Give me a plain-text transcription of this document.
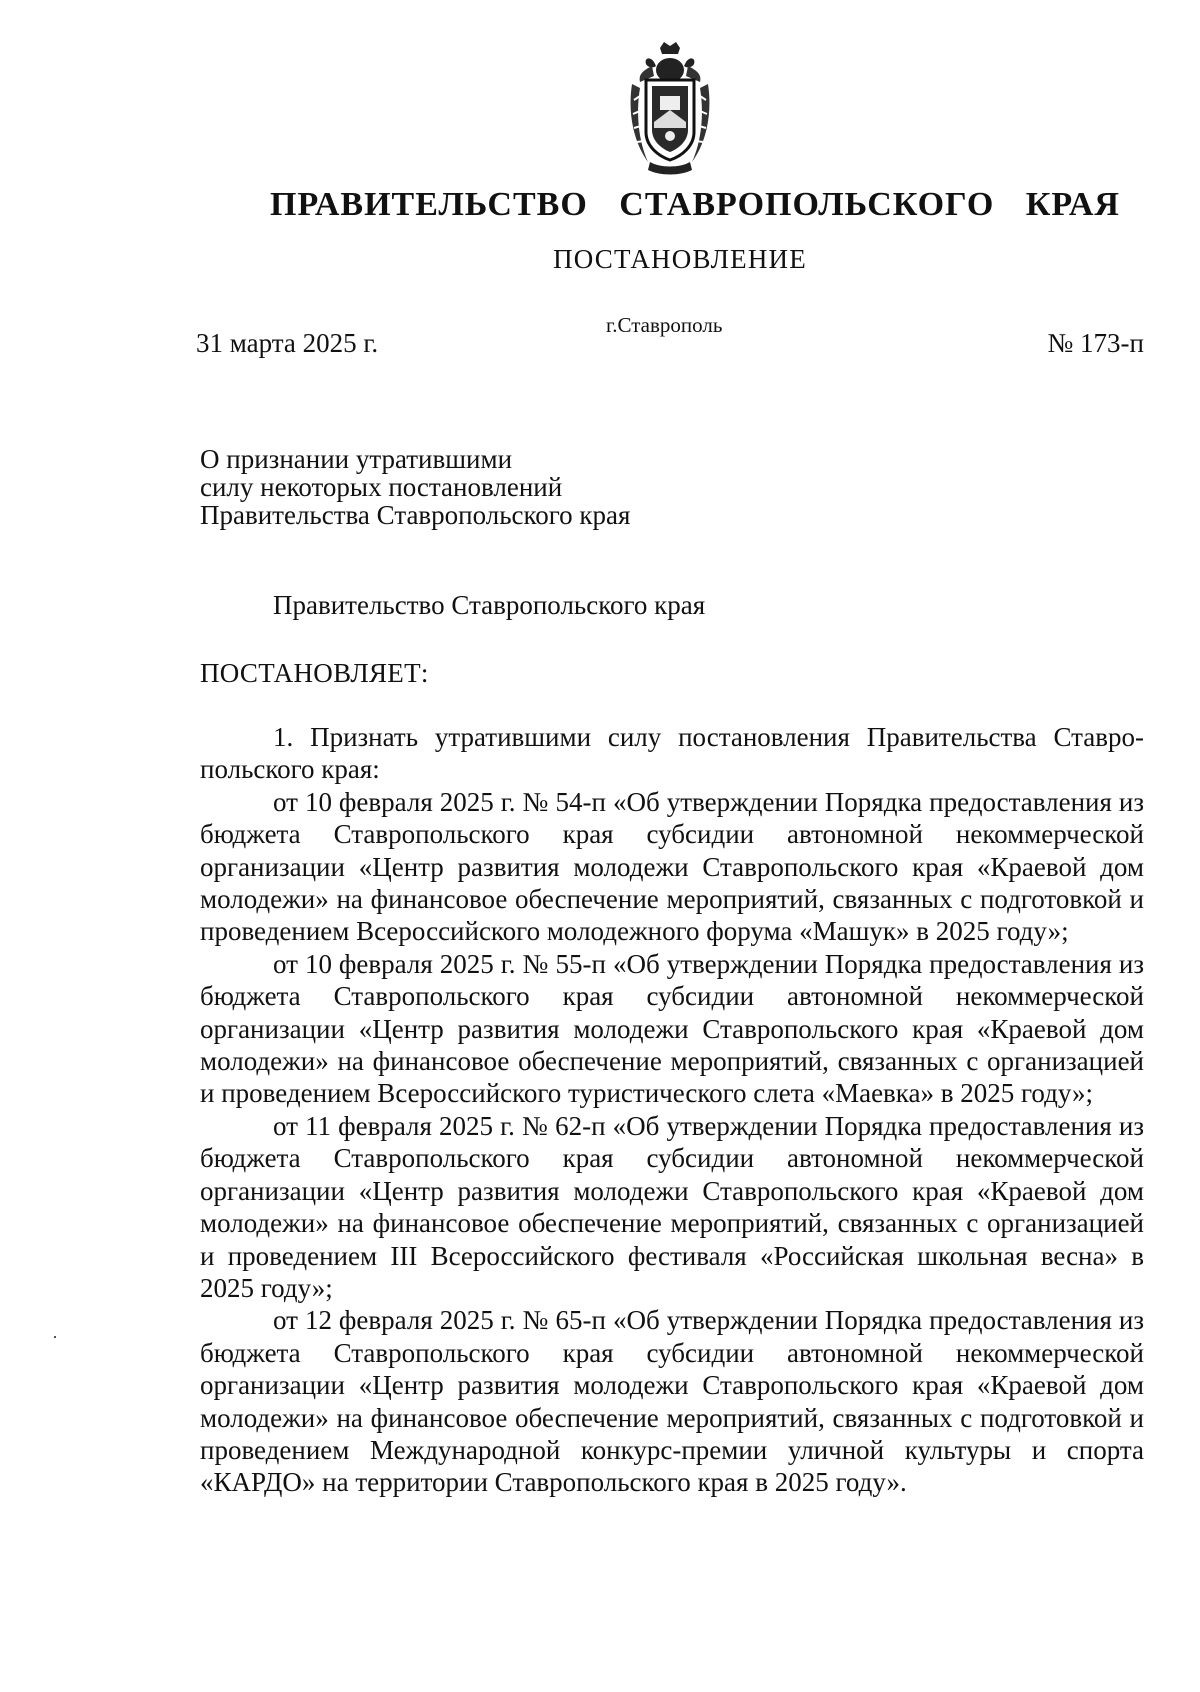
ПРАВИТЕЛЬСТВО СТАВРОПОЛЬСКОГО КРАЯ
ПОСТАНОВЛЕНИЕ
31 марта 2025 г.
г.Ставрополь
№ 173-п
О признании утратившими
силу некоторых постановлений
Правительства Ставропольского края
Правительство Ставропольского края
ПОСТАНОВЛЯЕТ:

1. Признать утратившими силу постановления Правительства Ставропольского края:

от 10 февраля 2025 г. № 54-п «Об утверждении Порядка предоставления из бюджета Ставропольского края субсидии автономной некоммерческой организации «Центр развития молодежи Ставропольского края «Краевой дом молодежи» на финансовое обеспечение мероприятий, связанных с подготовкой и проведением Всероссийского молодежного форума «Машук» в 2025 году»;

от 10 февраля 2025 г. № 55-п «Об утверждении Порядка предоставления из бюджета Ставропольского края субсидии автономной некоммерческой организации «Центр развития молодежи Ставропольского края «Краевой дом молодежи» на финансовое обеспечение мероприятий, связанных с организацией и проведением Всероссийского туристического слета «Маевка» в 2025 году»;

от 11 февраля 2025 г. № 62-п «Об утверждении Порядка предоставления из бюджета Ставропольского края субсидии автономной некоммерческой организации «Центр развития молодежи Ставропольского края «Краевой дом молодежи» на финансовое обеспечение мероприятий, связанных с организацией и проведением III Всероссийского фестиваля «Российская школьная весна» в 2025 году»;

от 12 февраля 2025 г. № 65-п «Об утверждении Порядка предоставления из бюджета Ставропольского края субсидии автономной некоммерческой организации «Центр развития молодежи Ставропольского края «Краевой дом молодежи» на финансовое обеспечение мероприятий, связанных с подготовкой и проведением Международной конкурс-премии уличной культуры и спорта «КАРДО» на территории Ставропольского края в 2025 году».
